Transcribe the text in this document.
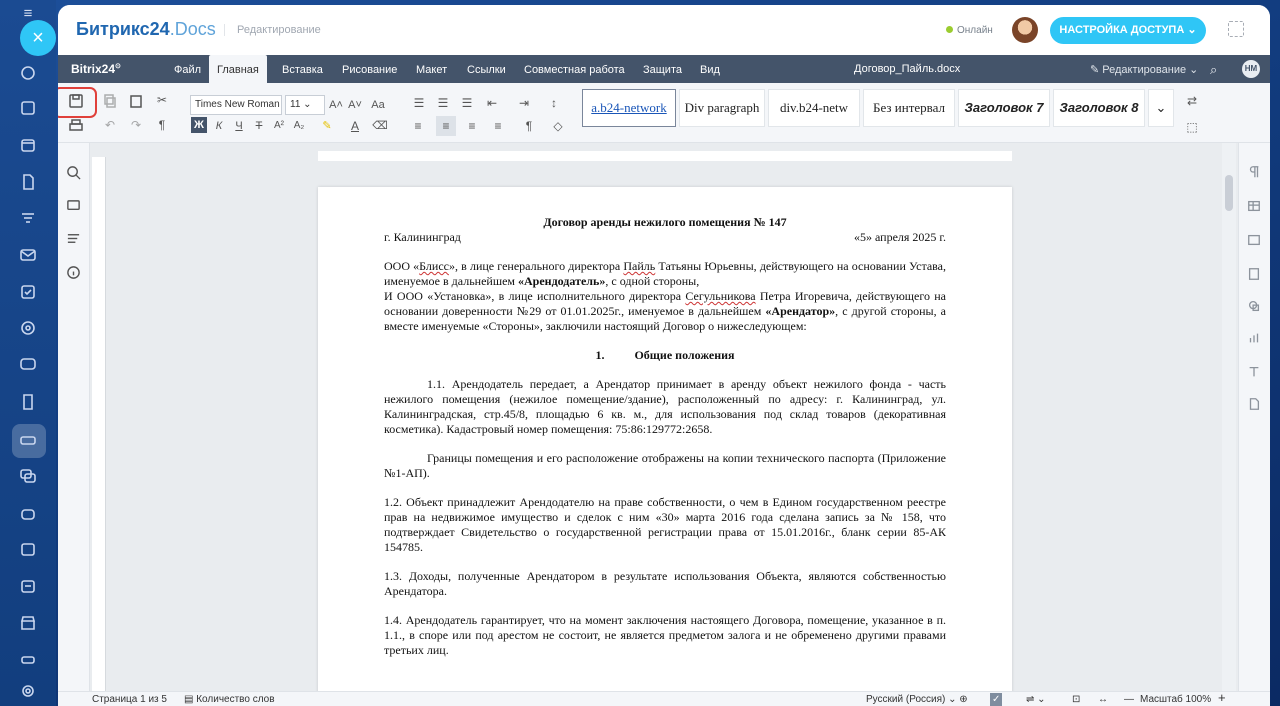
≡
×	Битрикс24.Docs	Редактирование	Онлайн	НАСТРОЙКА ДОСТУПА ⌄
Bitrix24⊙	Файл	Главная	Вставка Рисование Макет Ссылки Совместная работа Защита Вид	Договор_Пайль.docx	✎ Редактирование ⌄ ⌕	НМ
✂
↶	↷	¶
Times New Roman	11 ⌄	A˄ A˅ Aa
Ж	К	Ч	Т	A² A₂	✎	A	⌫
☰	☰	☰	⇤	⇥	↕
≡	≡	≡	≡	¶	◇
a.b24-network	Div paragraph	div.b24-netw	Без интервал	Заголовок 7	Заголовок 8	⌄	⇄
⬚
Договор аренды нежилого помещения № 147
г. Калининград	«5» апреля 2025 г.

ООО «Блисс», в лице генерального директора Пайль Татьяны Юрьевны, действующего на основании Устава, именуемое в дальнейшем «Арендодатель», с одной стороны,

И ООО «Установка», в лице исполнительного директора Сегульникова Петра Игоревича, действующего на основании доверенности №29 от 01.01.2025г., именуемое в дальнейшем «Арендатор», с другой стороны, а вместе именуемые «Стороны», заключили настоящий Договор о нижеследующем:

1.          Общие положения

1.1. Арендодатель передает, а Арендатор принимает в аренду объект нежилого фонда - часть нежилого помещения (нежилое помещение/здание), расположенный по адресу: г. Калининград, ул. Калининградская, стр.45/8, площадью 6 кв. м., для использования под склад товаров (декоративная косметика). Кадастровый номер помещения: 75:86:129772:2658.

Границы помещения и его расположение отображены на копии технического паспорта (Приложение №1-АП).

1.2. Объект принадлежит Арендодателю на праве собственности, о чем в Едином государственном реестре прав на недвижимое имущество и сделок с ним «30» марта 2016 года сделана запись за № 158, что подтверждает Свидетельство о государственной регистрации права от 15.01.2016г., бланк серии 85-АК 154785.

1.3. Доходы, полученные Арендатором в результате использования Объекта, являются собственностью Арендатора.

1.4. Арендодатель гарантирует, что на момент заключения настоящего Договора, помещение, указанное в п. 1.1., в споре или под арестом не состоит, не является предметом залога и не обременено другими правами третьих лиц.

Страница 1 из 5 ▤ Количество слов	Русский (Россия) ⌄ ⊕ ✓	⇌ ⌄	⊡ ↔ — Масштаб 100% +
